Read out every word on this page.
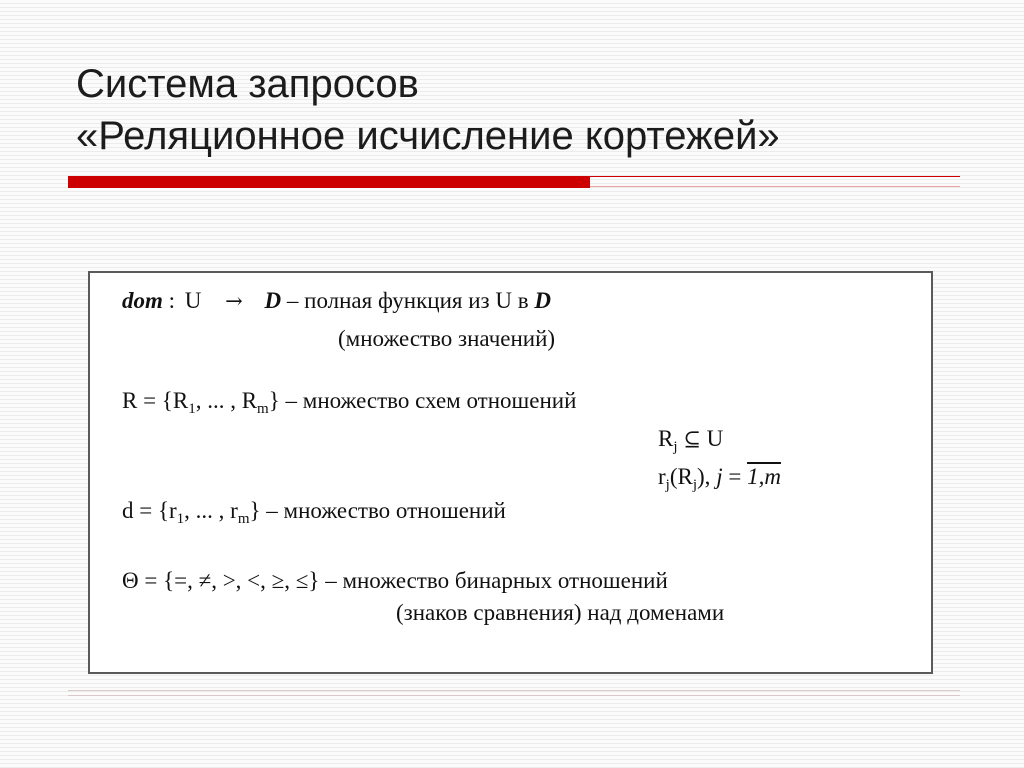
Система запросов
«Реляционное исчисление кортежей»
dom : U → D – полная функция из U в D
(множество значений)
$R = \{R_1$, ... , $R_m$} – множество схем отношений
$R_j$ ⊆ U
$r_j(R_j)$, j = 1,m
$d = \{r_1$, ... , $r_m$} – множество отношений
Θ = {=, ≠, >, <, ≥, ≤} – множество бинарных отношений
(знаков сравнения) над доменами
